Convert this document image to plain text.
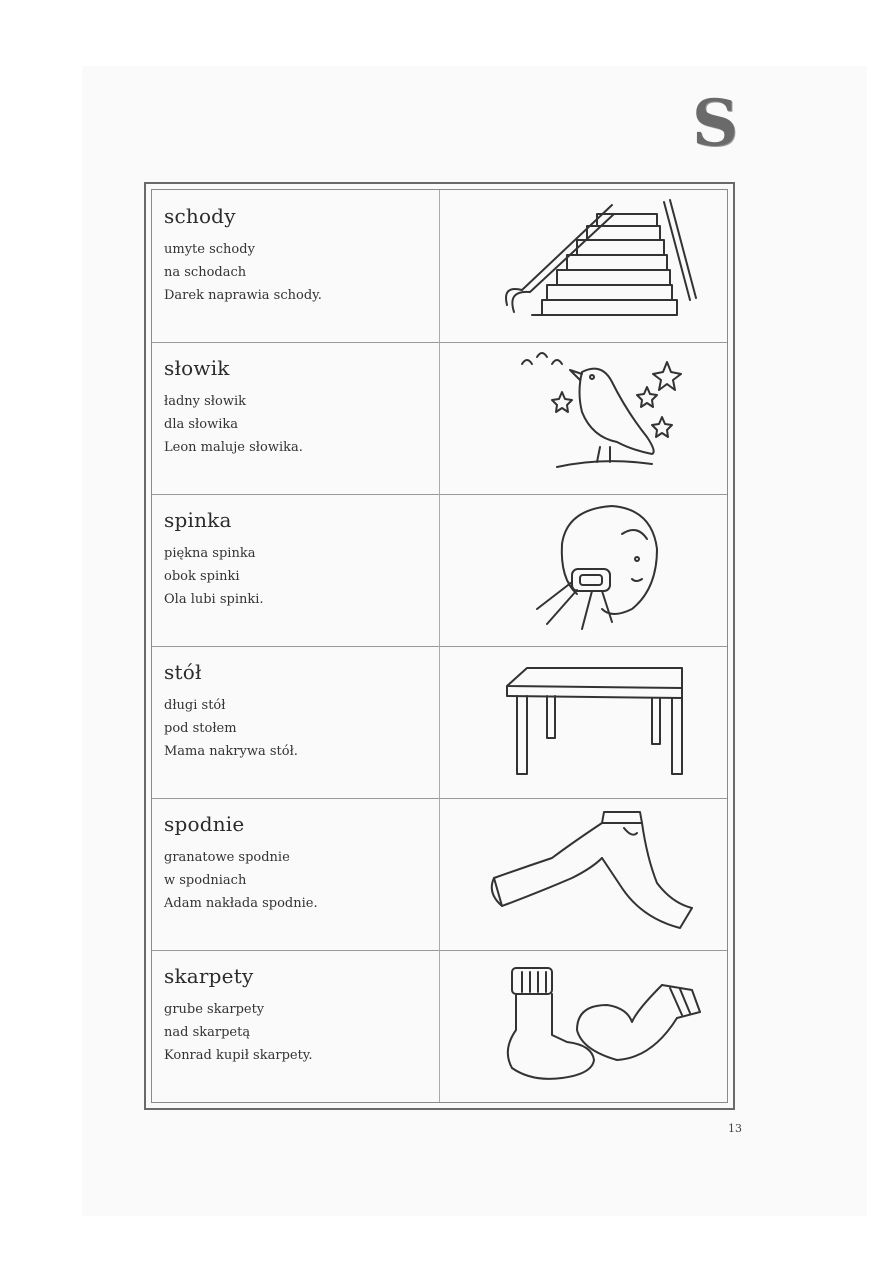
S
schody
umyte schody
na schodach
Darek naprawia schody.
słowik
ładny słowik
dla słowika
Leon maluje słowika.
spinka
piękna spinka
obok spinki
Ola lubi spinki.
stół
długi stół
pod stołem
Mama nakrywa stół.
spodnie
granatowe spodnie
w spodniach
Adam nakłada spodnie.
skarpety
grube skarpety
nad skarpetą
Konrad kupił skarpety.
13
